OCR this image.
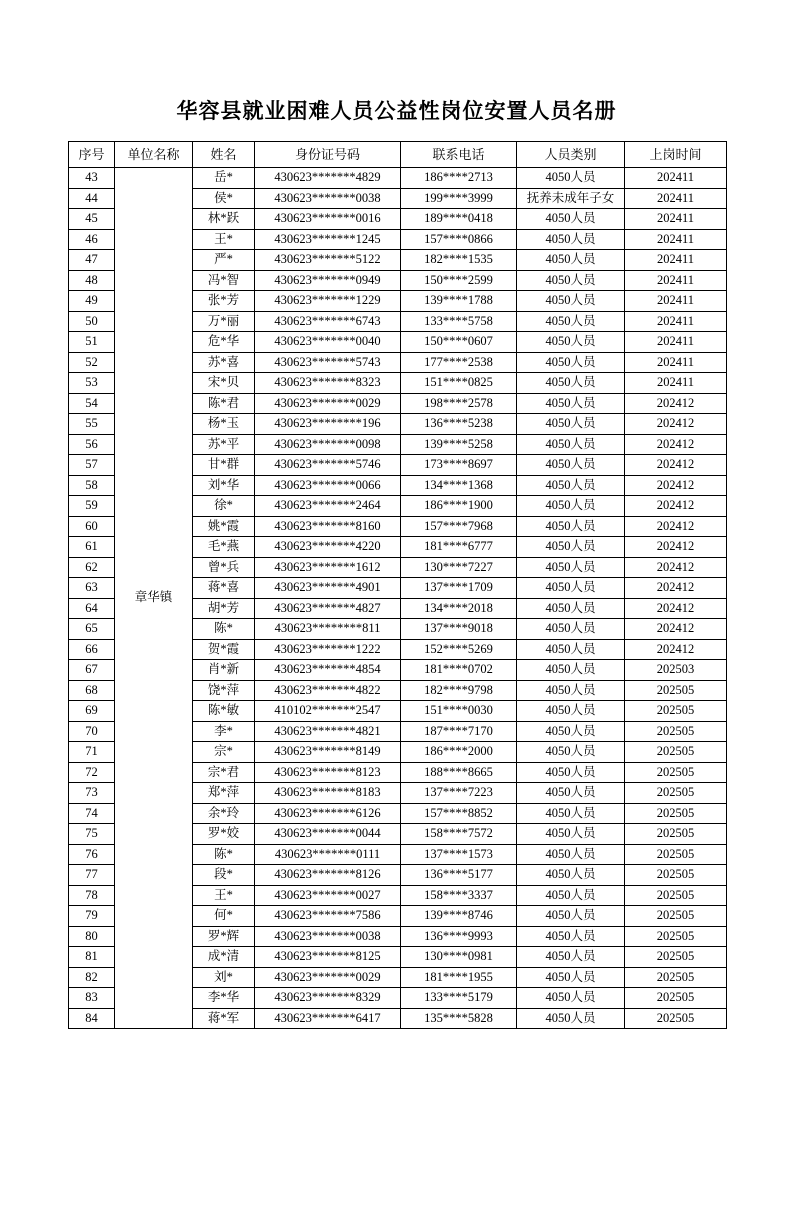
华容县就业困难人员公益性岗位安置人员名册
序号	单位名称	姓名	身份证号码	联系电话	人员类别	上岗时间
43	章华镇	岳*	430623*******4829	186****2713	4050人员	202411
44		侯*	430623*******0038	199****3999	抚养未成年子女	202411
45		林*跃	430623*******0016	189****0418	4050人员	202411
46		王*	430623*******1245	157****0866	4050人员	202411
47		严*	430623*******5122	182****1535	4050人员	202411
48		冯*智	430623*******0949	150****2599	4050人员	202411
49		张*芳	430623*******1229	139****1788	4050人员	202411
50		万*丽	430623*******6743	133****5758	4050人员	202411
51		危*华	430623*******0040	150****0607	4050人员	202411
52		苏*喜	430623*******5743	177****2538	4050人员	202411
53		宋*贝	430623*******8323	151****0825	4050人员	202411
54		陈*君	430623*******0029	198****2578	4050人员	202412
55		杨*玉	430623********196	136****5238	4050人员	202412
56		苏*平	430623*******0098	139****5258	4050人员	202412
57		甘*群	430623*******5746	173****8697	4050人员	202412
58		刘*华	430623*******0066	134****1368	4050人员	202412
59		徐*	430623*******2464	186****1900	4050人员	202412
60		姚*霞	430623*******8160	157****7968	4050人员	202412
61		毛*燕	430623*******4220	181****6777	4050人员	202412
62		曾*兵	430623*******1612	130****7227	4050人员	202412
63		蒋*喜	430623*******4901	137****1709	4050人员	202412
64		胡*芳	430623*******4827	134****2018	4050人员	202412
65		陈*	430623********811	137****9018	4050人员	202412
66		贺*霞	430623*******1222	152****5269	4050人员	202412
67		肖*新	430623*******4854	181****0702	4050人员	202503
68		饶*萍	430623*******4822	182****9798	4050人员	202505
69		陈*敏	410102*******2547	151****0030	4050人员	202505
70		李*	430623*******4821	187****7170	4050人员	202505
71		宗*	430623*******8149	186****2000	4050人员	202505
72		宗*君	430623*******8123	188****8665	4050人员	202505
73		郑*萍	430623*******8183	137****7223	4050人员	202505
74		余*玲	430623*******6126	157****8852	4050人员	202505
75		罗*姣	430623*******0044	158****7572	4050人员	202505
76		陈*	430623*******0111	137****1573	4050人员	202505
77		段*	430623*******8126	136****5177	4050人员	202505
78		王*	430623*******0027	158****3337	4050人员	202505
79		何*	430623*******7586	139****8746	4050人员	202505
80		罗*辉	430623*******0038	136****9993	4050人员	202505
81		成*清	430623*******8125	130****0981	4050人员	202505
82		刘*	430623*******0029	181****1955	4050人员	202505
83		李*华	430623*******8329	133****5179	4050人员	202505
84		蒋*军	430623*******6417	135****5828	4050人员	202505
